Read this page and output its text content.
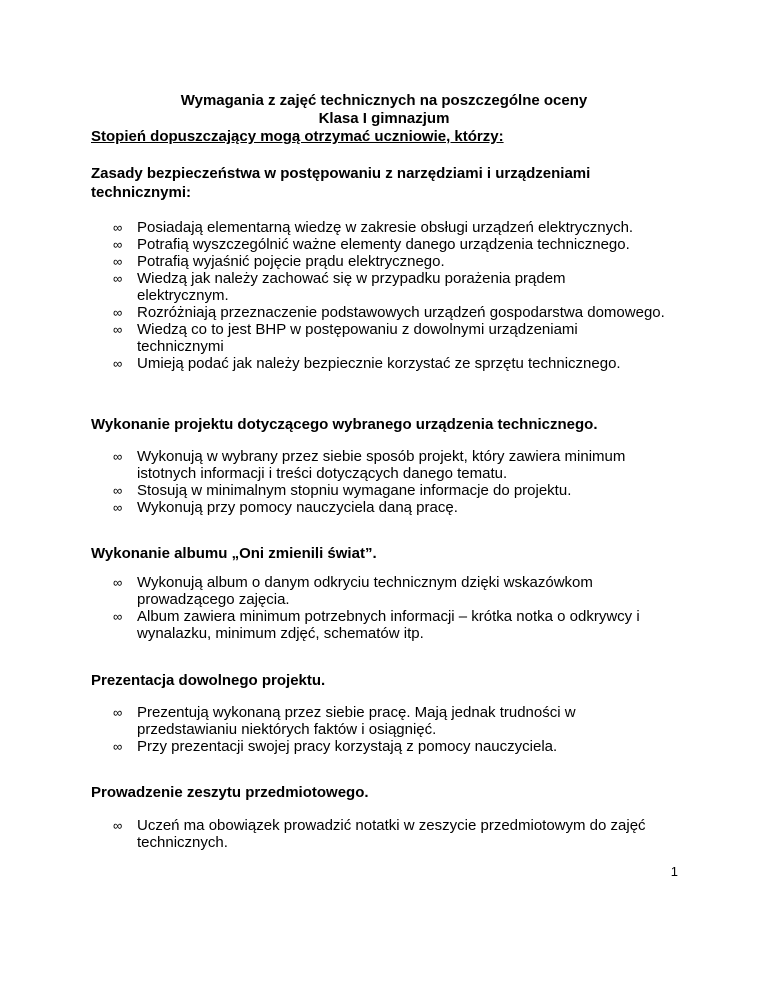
Wymagania z zajęć technicznych na poszczególne oceny
Klasa I gimnazjum
Stopień dopuszczający mogą otrzymać uczniowie, którzy:
Zasady bezpieczeństwa w postępowaniu z narzędziami i urządzeniami technicznymi:
∞ Posiadają elementarną wiedzę w zakresie obsługi urządzeń elektrycznych.
∞ Potrafią wyszczególnić ważne elementy danego urządzenia technicznego.
∞ Potrafią wyjaśnić pojęcie prądu elektrycznego.
∞ Wiedzą jak należy zachować się w przypadku porażenia prądem elektrycznym.
∞ Rozróżniają przeznaczenie podstawowych urządzeń gospodarstwa domowego.
∞ Wiedzą co to jest BHP w postępowaniu z dowolnymi urządzeniami technicznymi
∞ Umieją podać jak należy bezpiecznie korzystać ze sprzętu technicznego.
Wykonanie projektu dotyczącego wybranego urządzenia technicznego.
∞ Wykonują w wybrany przez siebie sposób projekt, który zawiera minimum istotnych informacji i treści dotyczących danego tematu.
∞ Stosują w minimalnym stopniu wymagane informacje do projektu.
∞ Wykonują przy pomocy nauczyciela daną pracę.
Wykonanie albumu „Oni zmienili świat”.
∞ Wykonują album o danym odkryciu technicznym dzięki wskazówkom prowadzącego zajęcia.
∞ Album zawiera minimum potrzebnych informacji – krótka notka o odkrywcy i wynalazku, minimum zdjęć, schematów itp.
Prezentacja dowolnego projektu.
∞ Prezentują wykonaną przez siebie pracę. Mają jednak trudności w przedstawianiu niektórych faktów i osiągnięć.
∞ Przy prezentacji swojej pracy korzystają z pomocy nauczyciela.
Prowadzenie zeszytu przedmiotowego.
∞ Uczeń ma obowiązek prowadzić notatki w zeszycie przedmiotowym do zajęć technicznych.
1
